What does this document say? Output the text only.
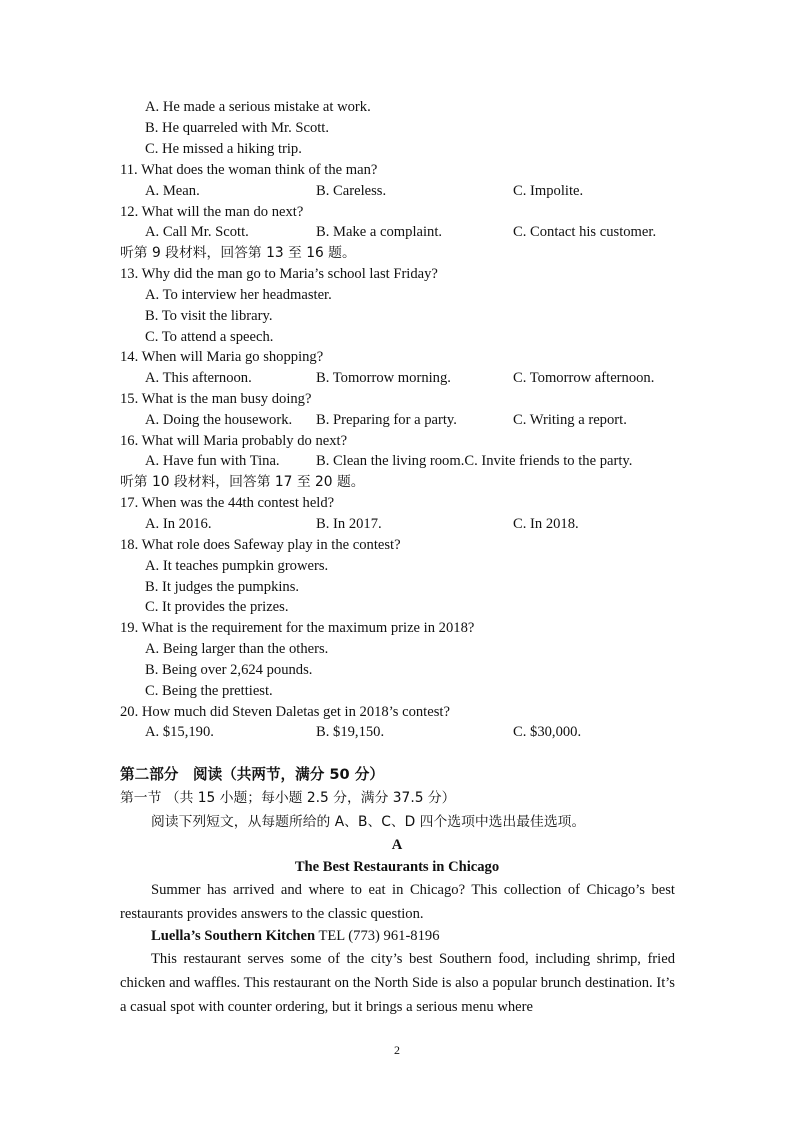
A. He made a serious mistake at work.
B. He quarreled with Mr. Scott.
C. He missed a hiking trip.
11. What does the woman think of the man?
A. Mean.	B. Careless.	C. Impolite.
12. What will the man do next?
A. Call Mr. Scott.	B. Make a complaint.	C. Contact his customer.
听第 9 段材料，回答第 13 至 16 题。
13. Why did the man go to Maria’s school last Friday?
A. To interview her headmaster.
B. To visit the library.
C. To attend a speech.
14. When will Maria go shopping?
A. This afternoon.	B. Tomorrow morning.	C. Tomorrow afternoon.
15. What is the man busy doing?
A. Doing the housework. B. Preparing for a party.	C. Writing a report.
16. What will Maria probably do next?
A. Have fun with Tina. B. Clean the living room.C. Invite friends to the party.
听第 10 段材料，回答第 17 至 20 题。
17. When was the 44th contest held?
A. In 2016.	B. In 2017.	C. In 2018.
18. What role does Safeway play in the contest?
A. It teaches pumpkin growers.
B. It judges the pumpkins.
C. It provides the prizes.
19. What is the requirement for the maximum prize in 2018?
A. Being larger than the others.
B. Being over 2,624 pounds.
C. Being the prettiest.
20. How much did Steven Daletas get in 2018’s contest?
A. $15,190.	B. $19,150.	C. $30,000.
第二部分　阅读（共两节，满分 50 分）
第一节 （共 15 小题；每小题 2.5 分，满分 37.5 分）
阅读下列短文，从每题所给的 A、B、C、D 四个选项中选出最佳选项。
A
The Best Restaurants in Chicago
Summer has arrived and where to eat in Chicago? This collection of Chicago’s best restaurants provides answers to the classic question.
Luella’s Southern Kitchen TEL (773) 961-8196
This restaurant serves some of the city’s best Southern food, including shrimp, fried chicken and waffles. This restaurant on the North Side is also a popular brunch destination. It’s a casual spot with counter ordering, but it brings a serious menu where
2
